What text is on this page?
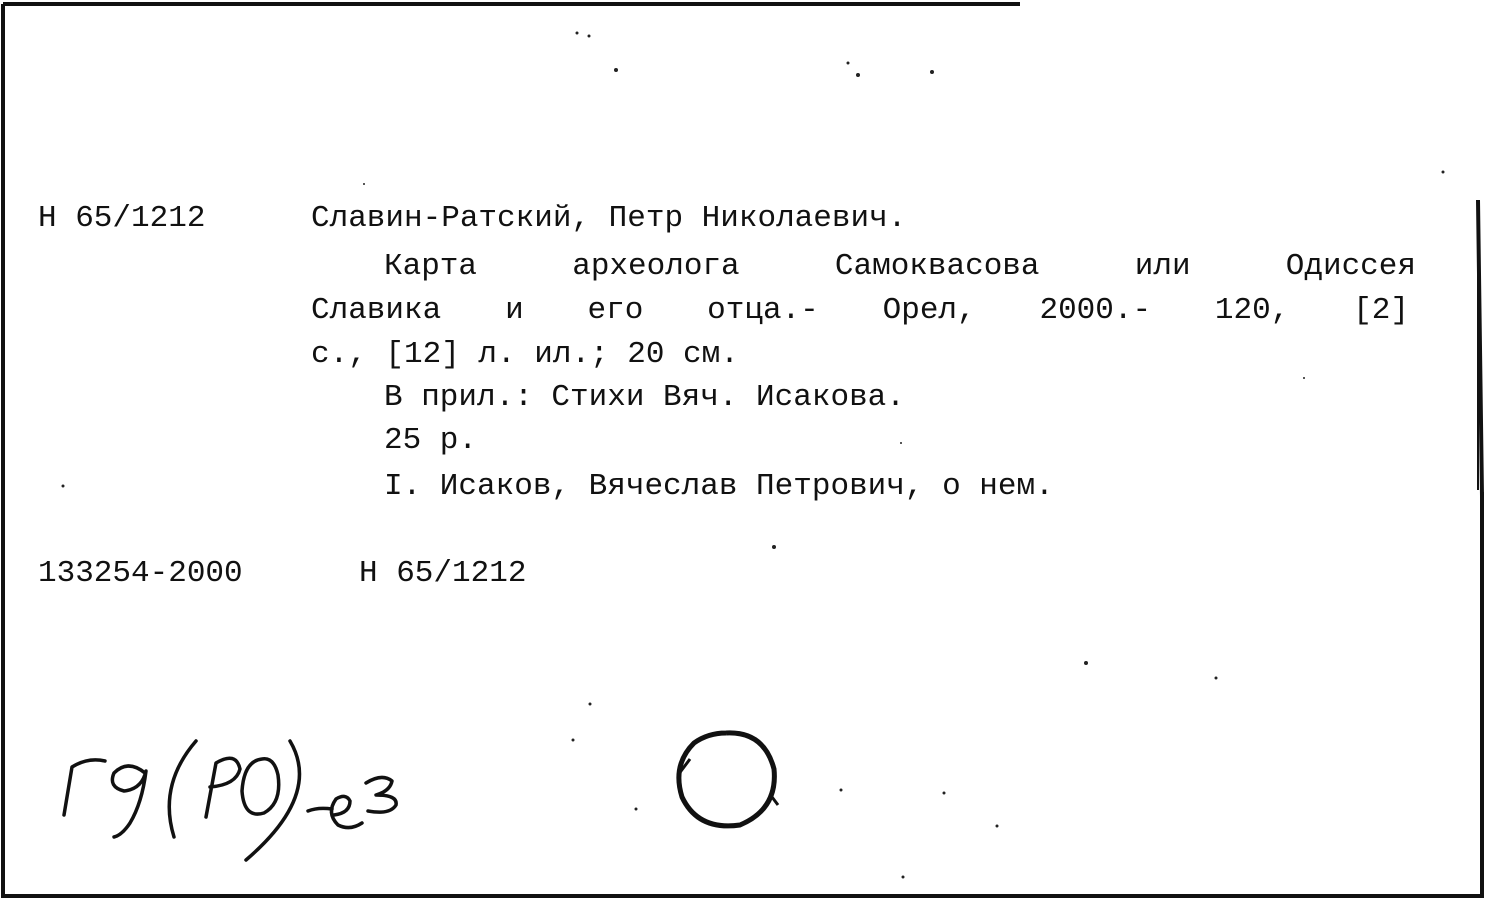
Н 65/1212	Славин-Ратский, Петр Николаевич.
Карта археолога Самоквасова или Одиссея
Славика и его отца.- Орел, 2000.- 120, [2]
с., [12] л. ил.; 20 см.
В прил.: Стихи Вяч. Исакова.
25 р.
I. Исаков, Вячеслав Петрович, о нем.
133254-2000	Н 65/1212
